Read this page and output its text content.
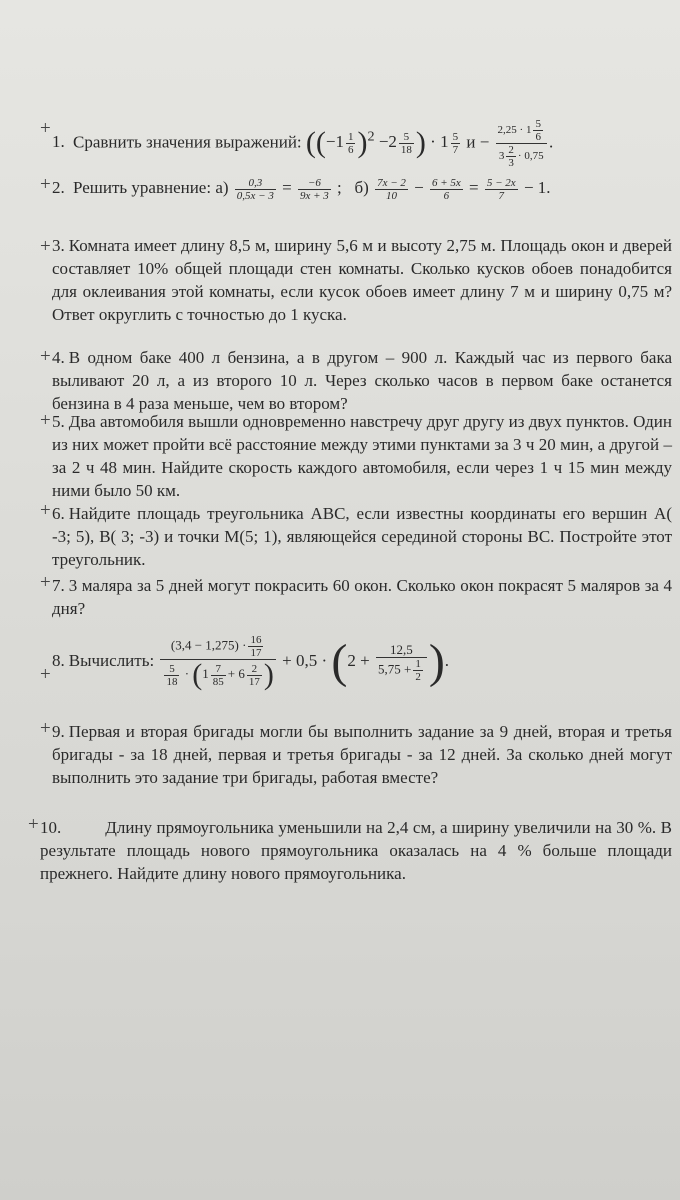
+
1. Сравнить значения выражений: ($(-1 \frac{1}{6} )^2 -2 \frac{5}{18}$ ) · $1 \frac{5}{7}$ $и - \frac{2,25 \cdot 1 \frac{5}{6}}{3 \frac{2}{3} \cdot 0,75}$ .
+ 2. Решить уравнение: $а) \frac{0,3}{0,5x - 3} = \frac{-6}{9x + 3}$ ;   $б) \frac{7x - 2}{10} - \frac{6 + 5x}{6} = \frac{5 - 2x}{7} - 1$.
+ 3. Комната имеет длину 8,5 м, ширину 5,6 м и высоту 2,75 м. Площадь окон и дверей составляет 10% общей площади стен комнаты. Сколько кусков обоев понадобится для оклеивания этой комнаты, если кусок обоев имеет длину 7 м и ширину 0,75 м? Ответ округлить с точностью до 1 куска.
+ 4. В одном баке 400 л бензина, а в другом – 900 л. Каждый час из первого бака выливают 20 л, а из второго 10 л. Через сколько часов в первом баке останется бензина в 4 раза меньше, чем во втором?
+ 5. Два автомобиля вышли одновременно навстречу друг другу из двух пунктов. Один из них может пройти всё расстояние между этими пунктами за 3 ч 20 мин, а другой – за 2 ч 48 мин. Найдите скорость каждого автомобиля, если через 1 ч 15 мин между ними было 50 км.
+ 6. Найдите площадь треугольника ABC, если известны координаты его вершин A( -3; 5), B( 3; -3) и точки M(5; 1), являющейся серединой стороны BC. Постройте этот треугольник.
+ 7. 3 маляра за 5 дней могут покрасить 60 окон. Сколько окон покрасят 5 маляров за 4 дня?
+
8. Вычислить: $\frac{(3,4 - 1,275) \cdot \frac{16}{17}}{\frac{5}{18} \cdot (1 \frac{7}{85} + 6 \frac{2}{17} )} + 0,5 \cdot (2 + \frac{12,5}{5,75 + \frac{1}{2}}$ ).
+ 9. Первая и вторая бригады могли бы выполнить задание за 9 дней, вторая и третья бригады - за 18 дней, первая и третья бригады - за 12 дней. За сколько дней могут выполнить это задание три бригады, работая вместе?
+ 10.	Длину прямоугольника уменьшили на 2,4 см, а ширину увеличили на 30 %. В результате площадь нового прямоугольника оказалась на 4 % больше площади прежнего. Найдите длину нового прямоугольника.
